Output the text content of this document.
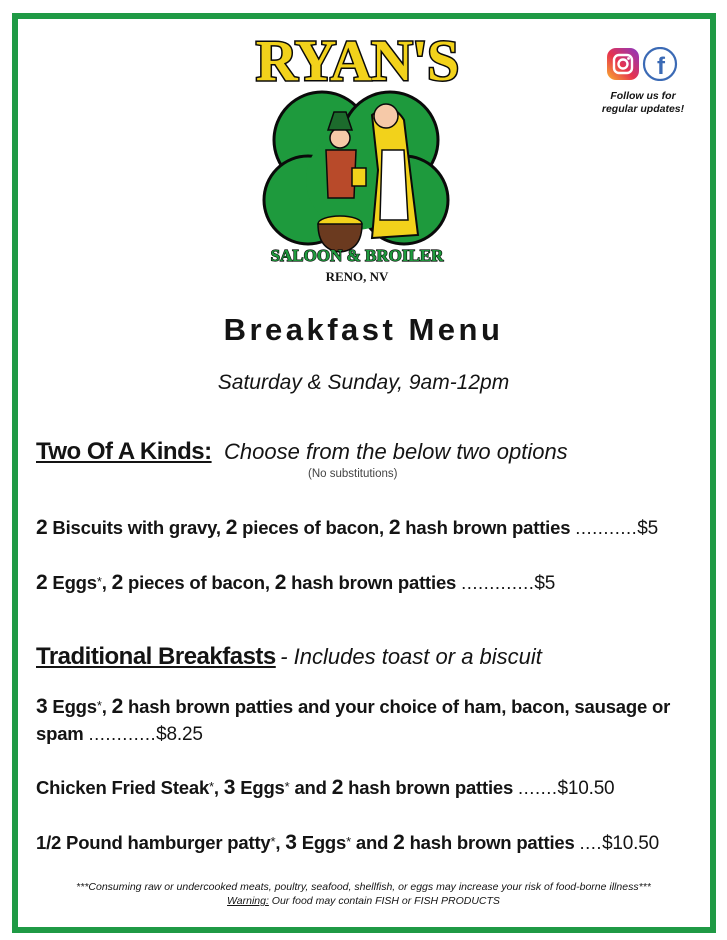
RYAN'S
SALOON & BROILER
RENO, NV
f
Follow us for
regular updates!
Breakfast Menu
Saturday & Sunday, 9am-12pm
Two Of A Kinds: Choose from the below two options
(No substitutions)
2 Biscuits with gravy, 2 pieces of bacon, 2 hash brown patties ...........$5
2 Eggs*, 2 pieces of bacon, 2 hash brown patties .............$5
Traditional Breakfasts - Includes toast or a biscuit
3 Eggs*, 2 hash brown patties and your choice of ham, bacon, sausage or spam ............$8.25
Chicken Fried Steak*, 3 Eggs* and 2 hash brown patties .......$10.50
1/2 Pound hamburger patty*, 3 Eggs* and 2 hash brown patties ....$10.50
***Consuming raw or undercooked meats, poultry, seafood, shellfish, or eggs may increase your risk of food-borne illness***
Warning: Our food may contain FISH or FISH PRODUCTS
